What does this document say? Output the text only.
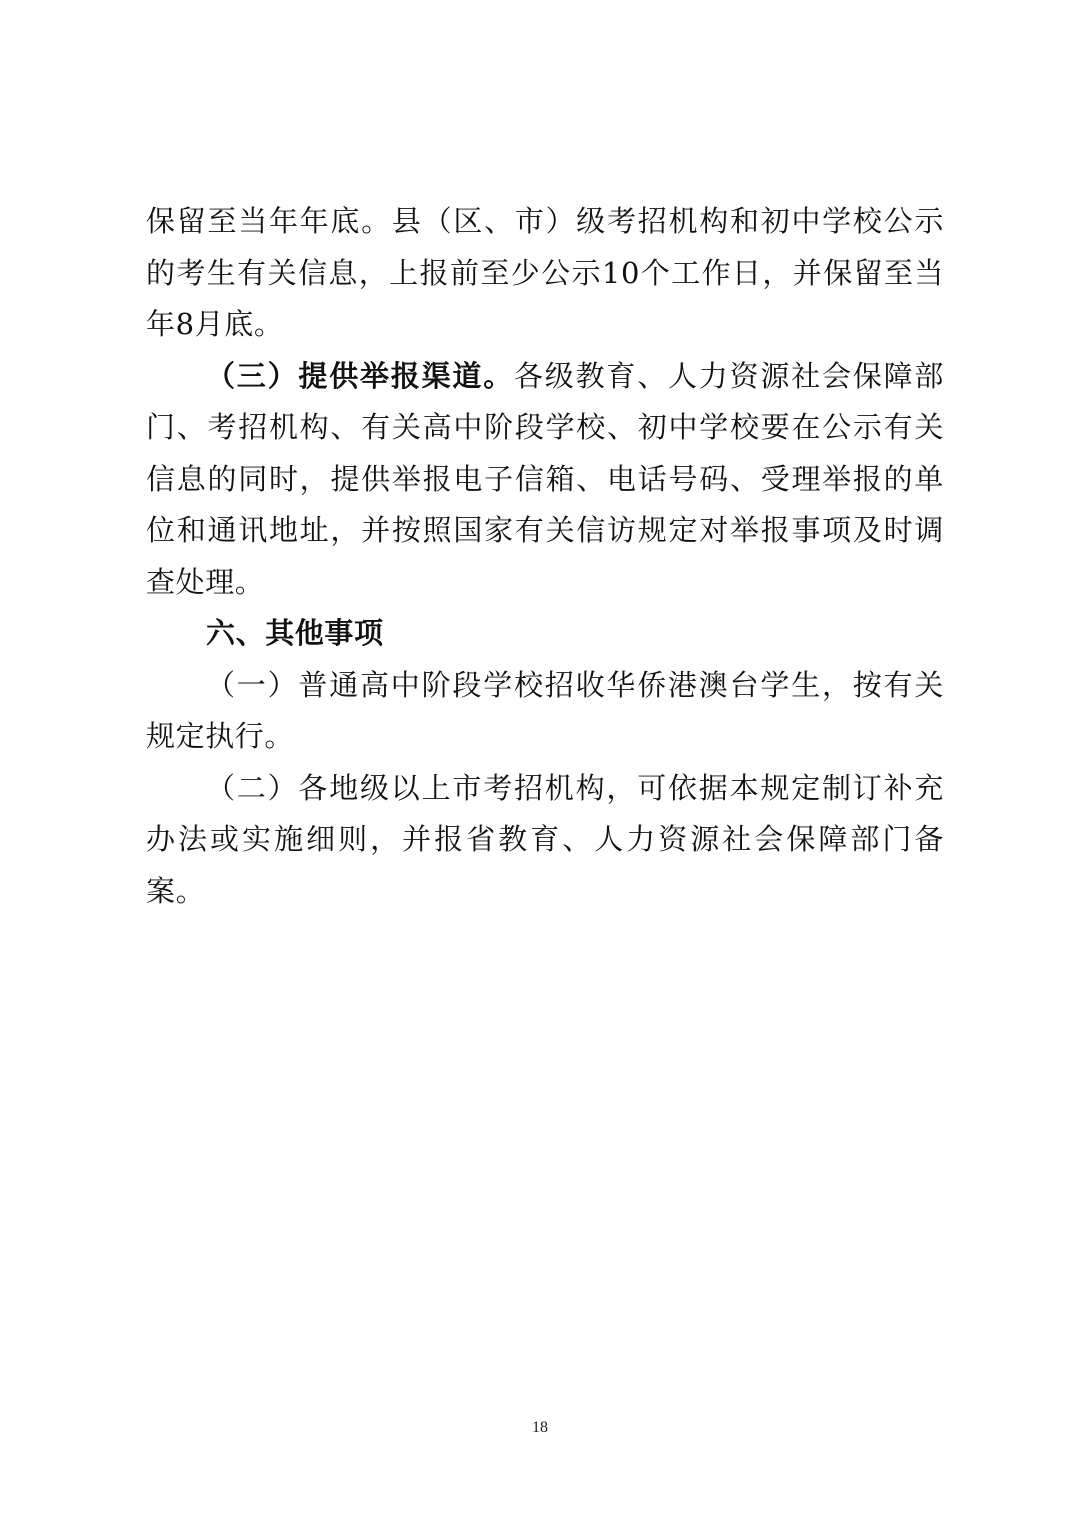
保留至当年年底。县（区、市）级考招机构和初中学校公示的考生有关信息，上报前至少公示10个工作日，并保留至当年8月底。

（三）提供举报渠道。各级教育、人力资源社会保障部门、考招机构、有关高中阶段学校、初中学校要在公示有关信息的同时，提供举报电子信箱、电话号码、受理举报的单位和通讯地址，并按照国家有关信访规定对举报事项及时调查处理。

六、其他事项

（一）普通高中阶段学校招收华侨港澳台学生，按有关规定执行。

（二）各地级以上市考招机构，可依据本规定制订补充办法或实施细则，并报省教育、人力资源社会保障部门备案。

18
